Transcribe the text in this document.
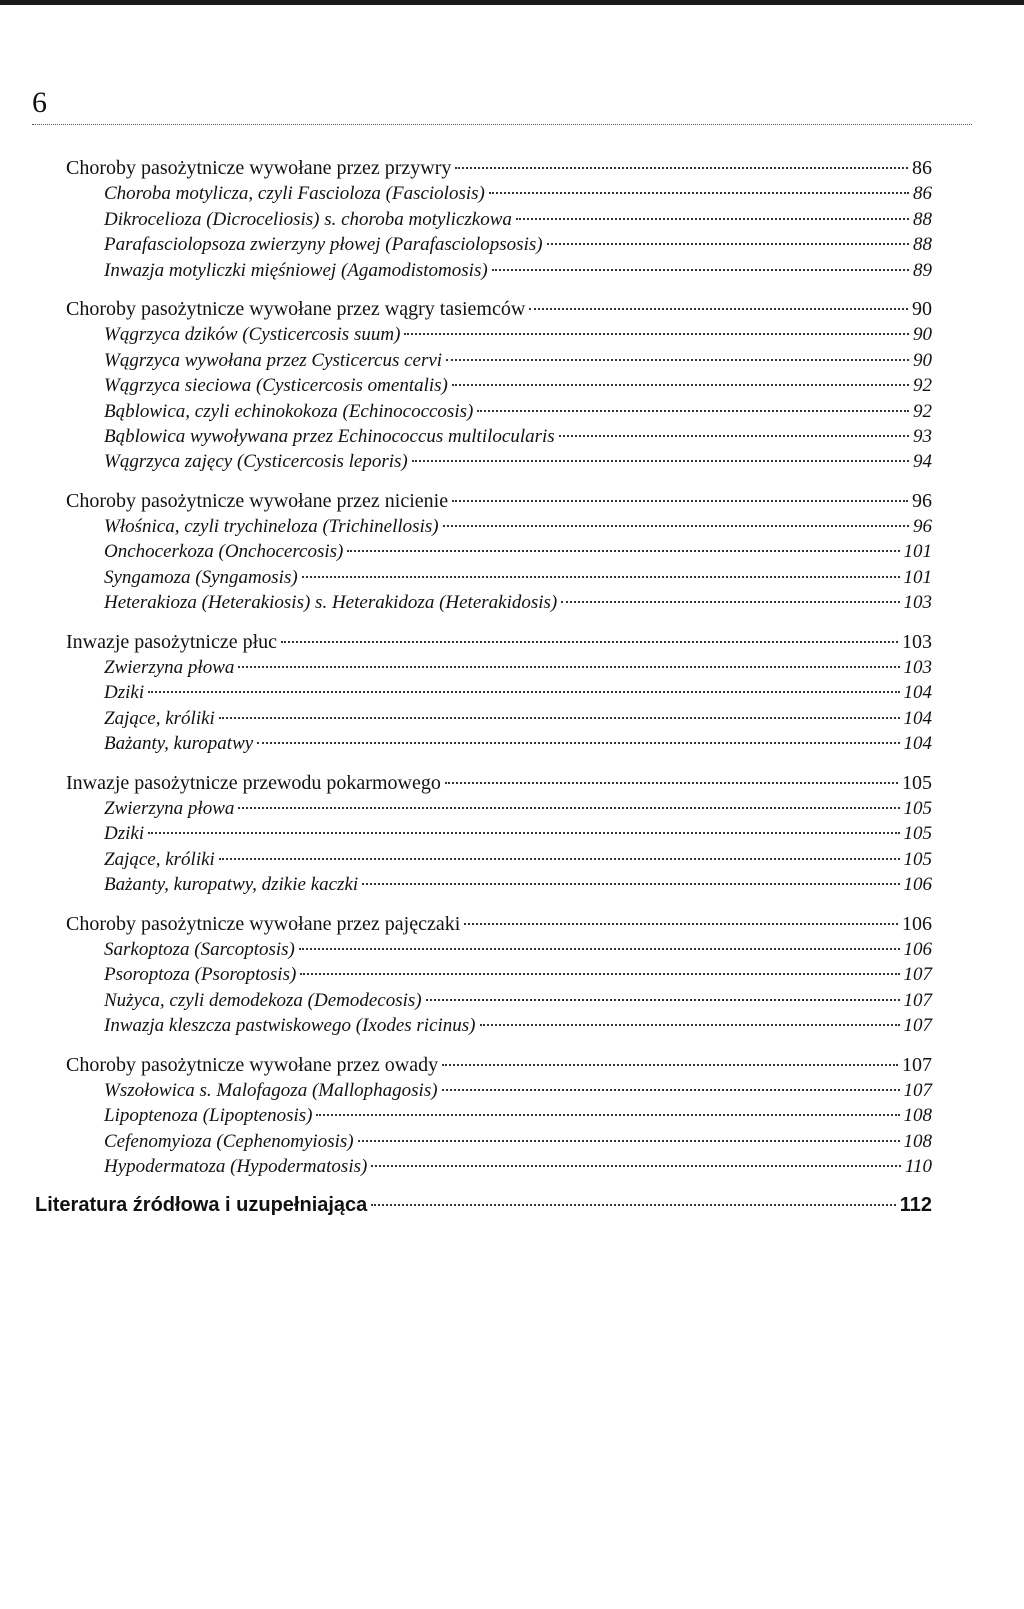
6
Choroby pasożytnicze wywołane przez przywry	86
Choroba motylicza, czyli Fascioloza (Fasciolosis)	86
Dikrocelioza (Dicroceliosis) s. choroba motyliczkowa	88
Parafasciolopsoza zwierzyny płowej (Parafasciolopsosis)	88
Inwazja motyliczki mięśniowej (Agamodistomosis)	89
Choroby pasożytnicze wywołane przez wągry tasiemców	90
Wągrzyca dzików (Cysticercosis suum)	90
Wągrzyca wywołana przez Cysticercus cervi	90
Wągrzyca sieciowa (Cysticercosis omentalis)	92
Bąblowica, czyli echinokokoza (Echinococcosis)	92
Bąblowica wywoływana przez Echinococcus multilocularis	93
Wągrzyca zajęcy (Cysticercosis leporis)	94
Choroby pasożytnicze wywołane przez nicienie	96
Włośnica, czyli trychineloza (Trichinellosis)	96
Onchocerkoza (Onchocercosis)	101
Syngamoza (Syngamosis)	101
Heterakioza (Heterakiosis) s. Heterakidoza (Heterakidosis)	103
Inwazje pasożytnicze płuc	103
Zwierzyna płowa	103
Dziki	104
Zające, króliki	104
Bażanty, kuropatwy	104
Inwazje pasożytnicze przewodu pokarmowego	105
Zwierzyna płowa	105
Dziki	105
Zające, króliki	105
Bażanty, kuropatwy, dzikie kaczki	106
Choroby pasożytnicze wywołane przez pajęczaki	106
Sarkoptoza (Sarcoptosis)	106
Psoroptoza (Psoroptosis)	107
Nużyca, czyli demodekoza (Demodecosis)	107
Inwazja kleszcza pastwiskowego (Ixodes ricinus)	107
Choroby pasożytnicze wywołane przez owady	107
Wszołowica s. Malofagoza (Mallophagosis)	107
Lipoptenoza (Lipoptenosis)	108
Cefenomyioza (Cephenomyiosis)	108
Hypodermatoza (Hypodermatosis)	110
Literatura źródłowa i uzupełniająca	112
